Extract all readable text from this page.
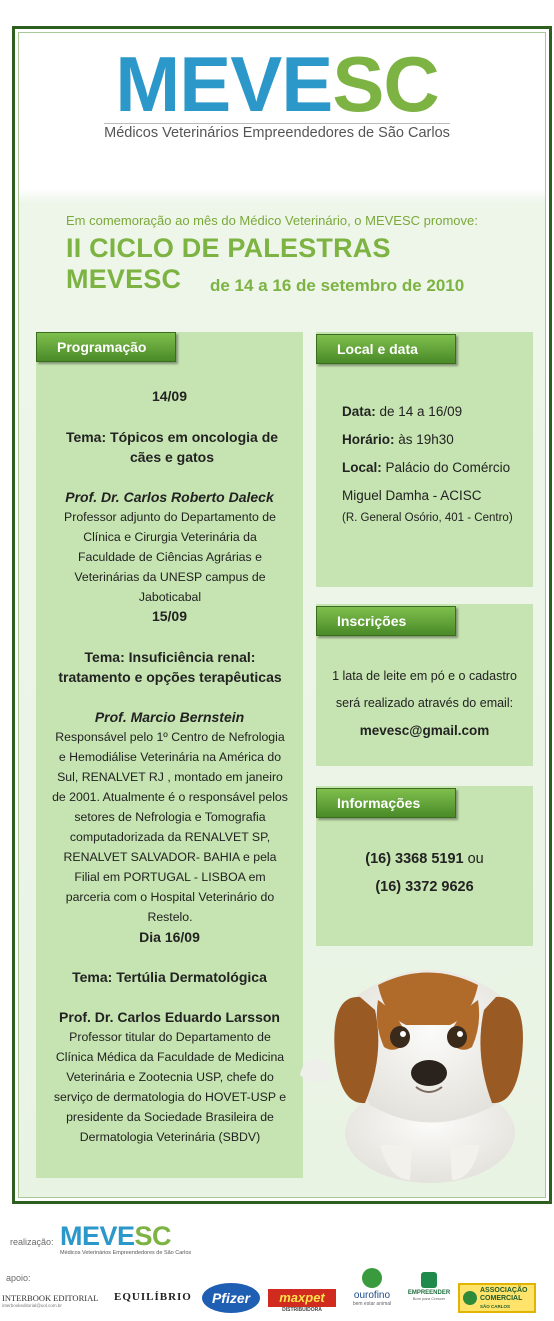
MEVESC
Médicos Veterinários Empreendedores de São Carlos
Em comemoração ao mês do Médico Veterinário, o MEVESC promove:
II CICLO DE PALESTRAS MEVESC	de 14 a 16 de setembro de 2010
14/09
Tema: Tópicos em oncologia de cães e gatos
Prof. Dr. Carlos Roberto Daleck
Professor adjunto do Departamento de Clínica e Cirurgia Veterinária da Faculdade de Ciências Agrárias e Veterinárias da UNESP campus de Jaboticabal
15/09
Tema: Insuficiência renal: tratamento e opções terapêuticas
Prof. Marcio Bernstein
Responsável pelo 1º Centro de Nefrologia e Hemodiálise Veterinária na América do Sul, RENALVET RJ , montado em janeiro de 2001. Atualmente é o responsável pelos setores de Nefrologia e Tomografia computadorizada da RENALVET SP, RENALVET SALVADOR- BAHIA e pela Filial em PORTUGAL - LISBOA em parceria com o Hospital Veterinário do Restelo.
Dia 16/09
Tema: Tertúlia Dermatológica
Prof. Dr. Carlos Eduardo Larsson
Professor titular do Departamento de Clínica Médica da Faculdade de Medicina Veterinária e Zootecnia USP, chefe do serviço de dermatologia do HOVET-USP e presidente da Sociedade Brasileira de Dermatologia Veterinária (SBDV)
Programação
Data: de 14 a 16/09
Horário: às 19h30
Local: Palácio do Comércio
Miguel Damha - ACISC
(R. General Osório, 401 - Centro)
Local e data
1 lata de leite em pó e o cadastro
será realizado através do email:
mevesc@gmail.com
Inscrições
(16) 3368 5191 ou
(16) 3372 9626
Informações
realização: MEVESC
Médicos Veterinários Empreendedores de São Carlos
apoio:
INTERBOOK EDITORIAL
interbookeditorial@uol.com.br
EQUILÍBRIO	Pfizer	maxpet
DISTRIBUIDORA
ourofino
bem estar animal
EMPREENDER
Bom para Crescer
ASSOCIAÇÃO COMERCIAL
SÃO CARLOS
